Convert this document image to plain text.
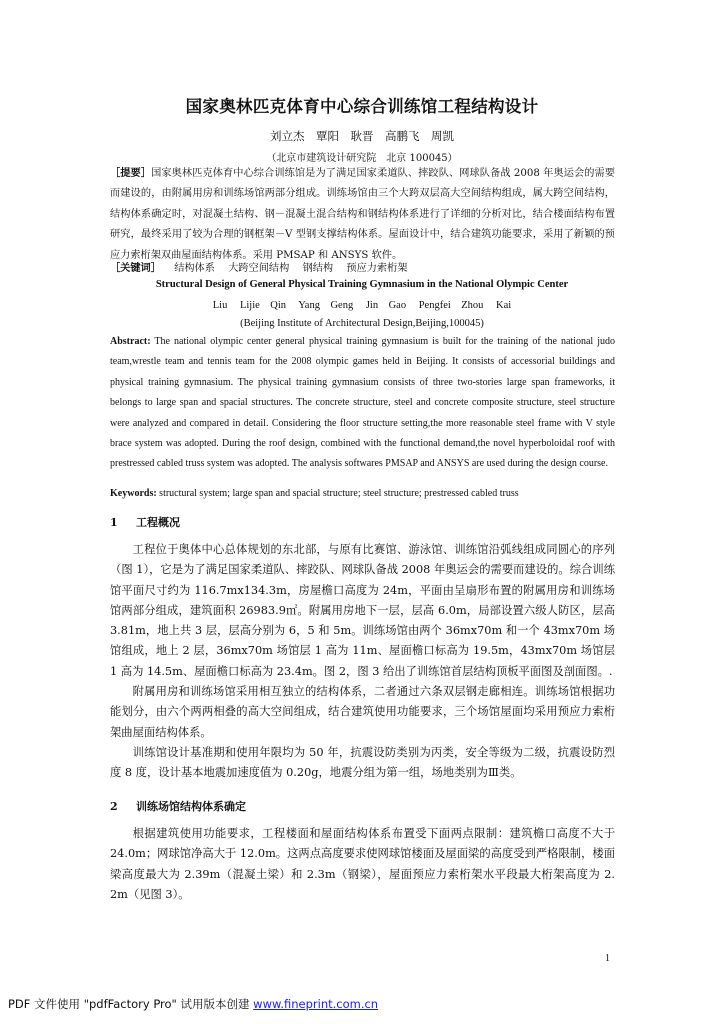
国家奥林匹克体育中心综合训练馆工程结构设计
刘立杰　覃阳　耿晋　高鹏飞　周凯
（北京市建筑设计研究院　北京 100045）
［提要］国家奥林匹克体育中心综合训练馆是为了满足国家柔道队、摔跤队、网球队备战 2008 年奥运会的需要而建设的，由附属用房和训练场馆两部分组成。训练场馆由三个大跨双层高大空间结构组成，属大跨空间结构，结构体系确定时，对混凝土结构、钢－混凝土混合结构和钢结构体系进行了详细的分析对比，结合楼面结构布置研究，最终采用了较为合理的钢框架－V 型钢支撑结构体系。屋面设计中，结合建筑功能要求，采用了新颖的预应力索桁架双曲屋面结构体系。采用 PMSAP 和 ANSYS 软件。
［关键词］ 结构体系 大跨空间结构 钢结构 预应力索桁架
Structural Design of General Physical Training Gymnasium in the National Olympic Center
Liu Lijie　Qin Yang　Geng Jin　Gao Pengfei　Zhou Kai
(Beijing Institute of Architectural Design,Beijing,100045)
Abstract: The national olympic center general physical training gymnasium is built for the training of the national judo team,wrestle team and tennis team for the 2008 olympic games held in Beijing. It consists of accessorial buildings and physical training gymnasium. The physical training gymnasium consists of three two-stories large span frameworks, it belongs to large span and spacial structures. The concrete structure, steel and concrete composite structure, steel structure were analyzed and compared in detail. Considering the floor structure setting,the more reasonable steel frame with V style brace system was adopted. During the roof design, combined with the functional demand,the novel hyperboloidal roof with prestressed cabled truss system was adopted. The analysis softwares PMSAP and ANSYS are used during the design course.
Keywords: structural system; large span and spacial structure; steel structure; prestressed cabled truss
1 工程概况

工程位于奥体中心总体规划的东北部，与原有比赛馆、游泳馆、训练馆沿弧线组成同圆心的序列（图 1），它是为了满足国家柔道队、摔跤队、网球队备战 2008 年奥运会的需要而建设的。综合训练馆平面尺寸约为 116.7mx134.3m，房屋檐口高度为 24m，平面由呈扇形布置的附属用房和训练场馆两部分组成，建筑面积 26983.9㎡。附属用房地下一层，层高 6.0m，局部设置六级人防区，层高 3.81m，地上共 3 层，层高分别为 6，5 和 5m。训练场馆由两个 36mx70m 和一个 43mx70m 场馆组成，地上 2 层，36mx70m 场馆层 1 高为 11m、屋面檐口标高为 19.5m，43mx70m 场馆层 1 高为 14.5m、屋面檐口标高为 23.4m。图 2，图 3 给出了训练馆首层结构顶板平面图及剖面图。.

附属用房和训练场馆采用相互独立的结构体系，二者通过六条双层钢走廊相连。训练场馆根据功能划分，由六个两两相叠的高大空间组成，结合建筑使用功能要求，三个场馆屋面均采用预应力索桁架曲屋面结构体系。

训练馆设计基准期和使用年限均为 50 年，抗震设防类别为丙类，安全等级为二级，抗震设防烈度 8 度，设计基本地震加速度值为 0.20g，地震分组为第一组，场地类别为Ⅲ类。

2 训练场馆结构体系确定

根据建筑使用功能要求，工程楼面和屋面结构体系布置受下面两点限制：建筑檐口高度不大于 24.0m；网球馆净高大于 12.0m。这两点高度要求使网球馆楼面及屋面梁的高度受到严格限制，楼面梁高度最大为 2.39m（混凝土梁）和 2.3m（钢梁），屋面预应力索桁架水平段最大桁架高度为 2. 2m（见图 3）。

1
PDF 文件使用 "pdfFactory Pro" 试用版本创建 www.fineprint.com.cn
